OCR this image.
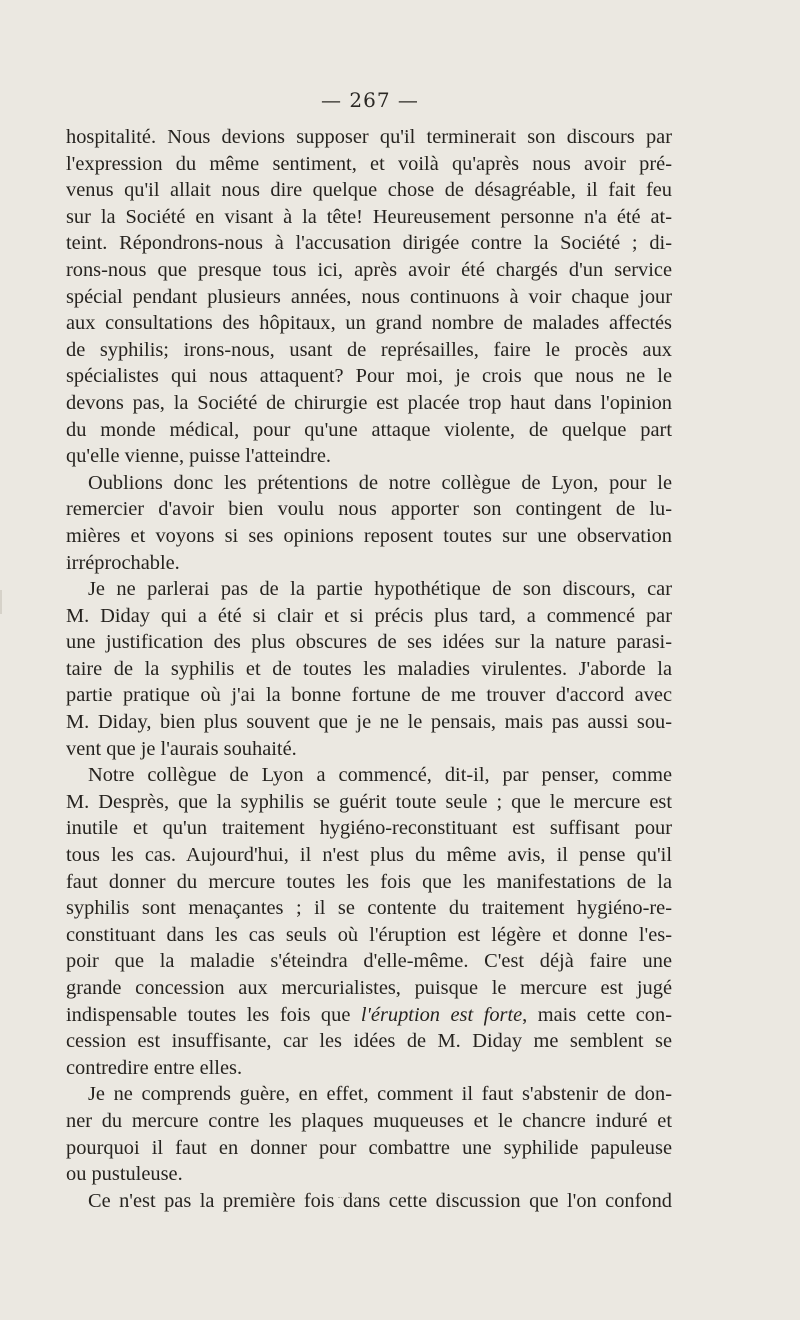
— 267 —
hospitalité. Nous devions supposer qu'il terminerait son discours par
l'expression du même sentiment, et voilà qu'après nous avoir pré-
venus qu'il allait nous dire quelque chose de désagréable, il fait feu
sur la Société en visant à la tête! Heureusement personne n'a été at-
teint. Répondrons-nous à l'accusation dirigée contre la Société ; di-
rons-nous que presque tous ici, après avoir été chargés d'un service
spécial pendant plusieurs années, nous continuons à voir chaque jour
aux consultations des hôpitaux, un grand nombre de malades affectés
de syphilis; irons-nous, usant de représailles, faire le procès aux
spécialistes qui nous attaquent? Pour moi, je crois que nous ne le
devons pas, la Société de chirurgie est placée trop haut dans l'opinion
du monde médical, pour qu'une attaque violente, de quelque part
qu'elle vienne, puisse l'atteindre.
Oublions donc les prétentions de notre collègue de Lyon, pour le
remercier d'avoir bien voulu nous apporter son contingent de lu-
mières et voyons si ses opinions reposent toutes sur une observation
irréprochable.
Je ne parlerai pas de la partie hypothétique de son discours, car
M. Diday qui a été si clair et si précis plus tard, a commencé par
une justification des plus obscures de ses idées sur la nature parasi-
taire de la syphilis et de toutes les maladies virulentes. J'aborde la
partie pratique où j'ai la bonne fortune de me trouver d'accord avec
M. Diday, bien plus souvent que je ne le pensais, mais pas aussi sou-
vent que je l'aurais souhaité.
Notre collègue de Lyon a commencé, dit-il, par penser, comme
M. Desprès, que la syphilis se guérit toute seule ; que le mercure est
inutile et qu'un traitement hygiéno-reconstituant est suffisant pour
tous les cas. Aujourd'hui, il n'est plus du même avis, il pense qu'il
faut donner du mercure toutes les fois que les manifestations de la
syphilis sont menaçantes ; il se contente du traitement hygiéno-re-
constituant dans les cas seuls où l'éruption est légère et donne l'es-
poir que la maladie s'éteindra d'elle-même. C'est déjà faire une
grande concession aux mercurialistes, puisque le mercure est jugé
indispensable toutes les fois que l'éruption est forte, mais cette con-
cession est insuffisante, car les idées de M. Diday me semblent se
contredire entre elles.
Je ne comprends guère, en effet, comment il faut s'abstenir de don-
ner du mercure contre les plaques muqueuses et le chancre induré et
pourquoi il faut en donner pour combattre une syphilide papuleuse
ou pustuleuse.
Ce n'est pas la première fois dans cette discussion que l'on confond
